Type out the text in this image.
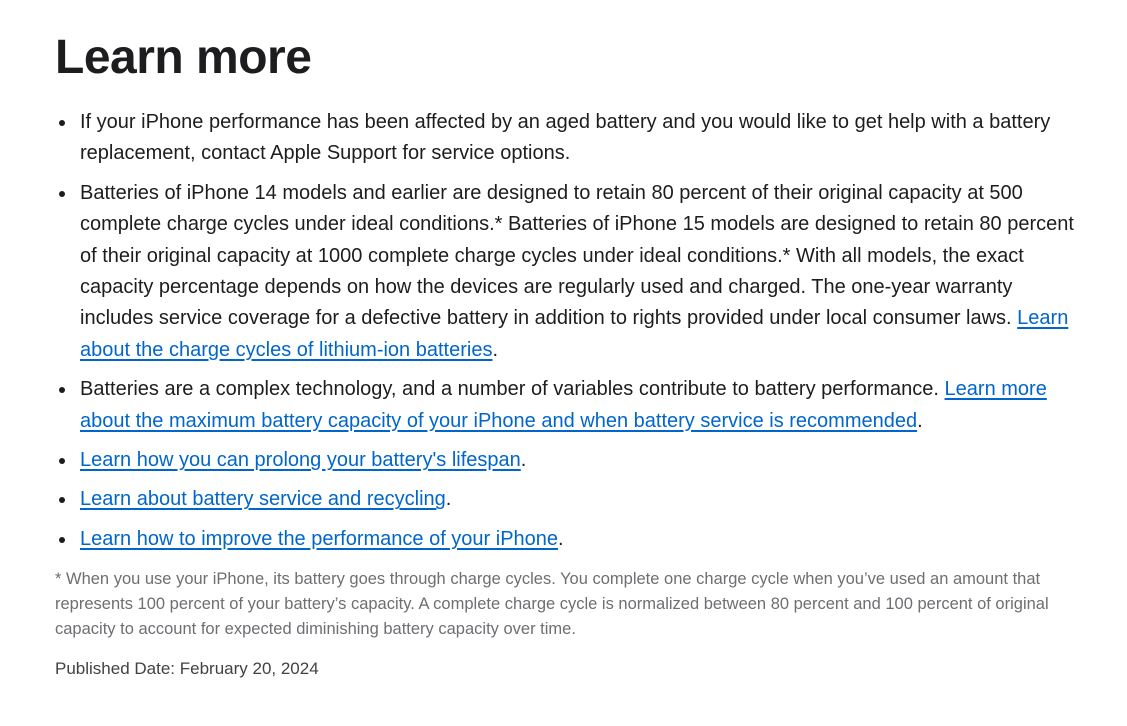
Learn more
If your iPhone performance has been affected by an aged battery and you would like to get help with a battery replacement, contact Apple Support for service options.
Batteries of iPhone 14 models and earlier are designed to retain 80 percent of their original capacity at 500 complete charge cycles under ideal conditions.* Batteries of iPhone 15 models are designed to retain 80 percent of their original capacity at 1000 complete charge cycles under ideal conditions.* With all models, the exact capacity percentage depends on how the devices are regularly used and charged. The one-year warranty includes service coverage for a defective battery in addition to rights provided under local consumer laws. Learn about the charge cycles of lithium-ion batteries.
Batteries are a complex technology, and a number of variables contribute to battery performance. Learn more about the maximum battery capacity of your iPhone and when battery service is recommended.
Learn how you can prolong your battery's lifespan.
Learn about battery service and recycling.
Learn how to improve the performance of your iPhone.

* When you use your iPhone, its battery goes through charge cycles. You complete one charge cycle when you’ve used an amount that represents 100 percent of your battery’s capacity. A complete charge cycle is normalized between 80 percent and 100 percent of original capacity to account for expected diminishing battery capacity over time.

Published Date: February 20, 2024
